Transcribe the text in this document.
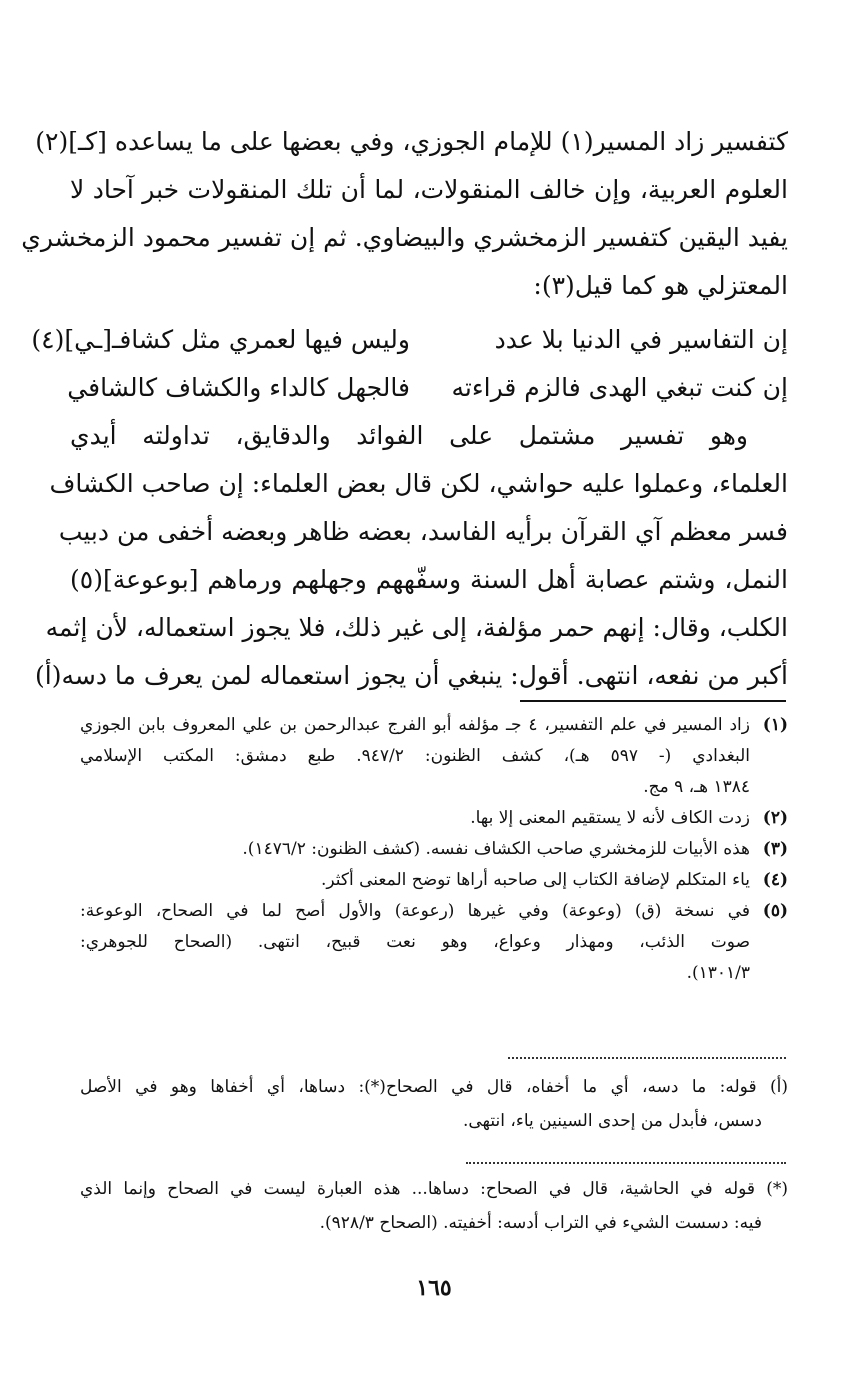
كتفسير زاد المسير(١) للإمام الجوزي، وفي بعضها على ما يساعده [كـ](٢)
العلوم العربية، وإن خالف المنقولات، لما أن تلك المنقولات خبر آحاد لا
يفيد اليقين كتفسير الزمخشري والبيضاوي. ثم إن تفسير محمود الزمخشري
المعتزلي هو كما قيل(٣):
إن التفاسير في الدنيا بلا عدد
وليس فيها لعمري مثل كشافـ[ـي](٤)
إن كنت تبغي الهدى فالزم قراءته
فالجهل كالداء والكشاف كالشافي
وهو تفسير مشتمل على الفوائد والدقايق، تداولته أيدي
العلماء، وعملوا عليه حواشي، لكن قال بعض العلماء: إن صاحب الكشاف
فسر معظم آي القرآن برأيه الفاسد، بعضه ظاهر وبعضه أخفى من دبيب
النمل، وشتم عصابة أهل السنة وسفّههم وجهلهم ورماهم [بوعوعة](٥)
الكلب، وقال: إنهم حمر مؤلفة، إلى غير ذلك، فلا يجوز استعماله، لأن إثمه
أكبر من نفعه، انتهى. أقول: ينبغي أن يجوز استعماله لمن يعرف ما دسه(أ)
(١)
زاد المسير في علم التفسير، ٤ جـ مؤلفه أبو الفرج عبدالرحمن بن علي المعروف بابن الجوزي
البغدادي (- ٥٩٧ هـ)، كشف الظنون: ٩٤٧/٢. طبع دمشق: المكتب الإسلامي
١٣٨٤ هـ، ٩ مج.
(٢)
زدت الكاف لأنه لا يستقيم المعنى إلا بها.
(٣)
هذه الأبيات للزمخشري صاحب الكشاف نفسه. (كشف الظنون: ١٤٧٦/٢).
(٤)
ياء المتكلم لإضافة الكتاب إلى صاحبه أراها توضح المعنى أكثر.
(٥)
في نسخة (ق) (وعوعة) وفي غيرها (رعوعة) والأول أصح لما في الصحاح، الوعوعة:
صوت الذئب، ومهذار وعواع، وهو نعت قبيح، انتهى. (الصحاح للجوهري:
١٣٠١/٣).
(أ) قوله: ما دسه، أي ما أخفاه، قال في الصحاح(*): دساها، أي أخفاها وهو في الأصل
دسس، فأبدل من إحدى السينين ياء، انتهى.
(*) قوله في الحاشية، قال في الصحاح: دساها... هذه العبارة ليست في الصحاح وإنما الذي
فيه: دسست الشيء في التراب أدسه: أخفيته. (الصحاح ٩٢٨/٣).
١٦٥
